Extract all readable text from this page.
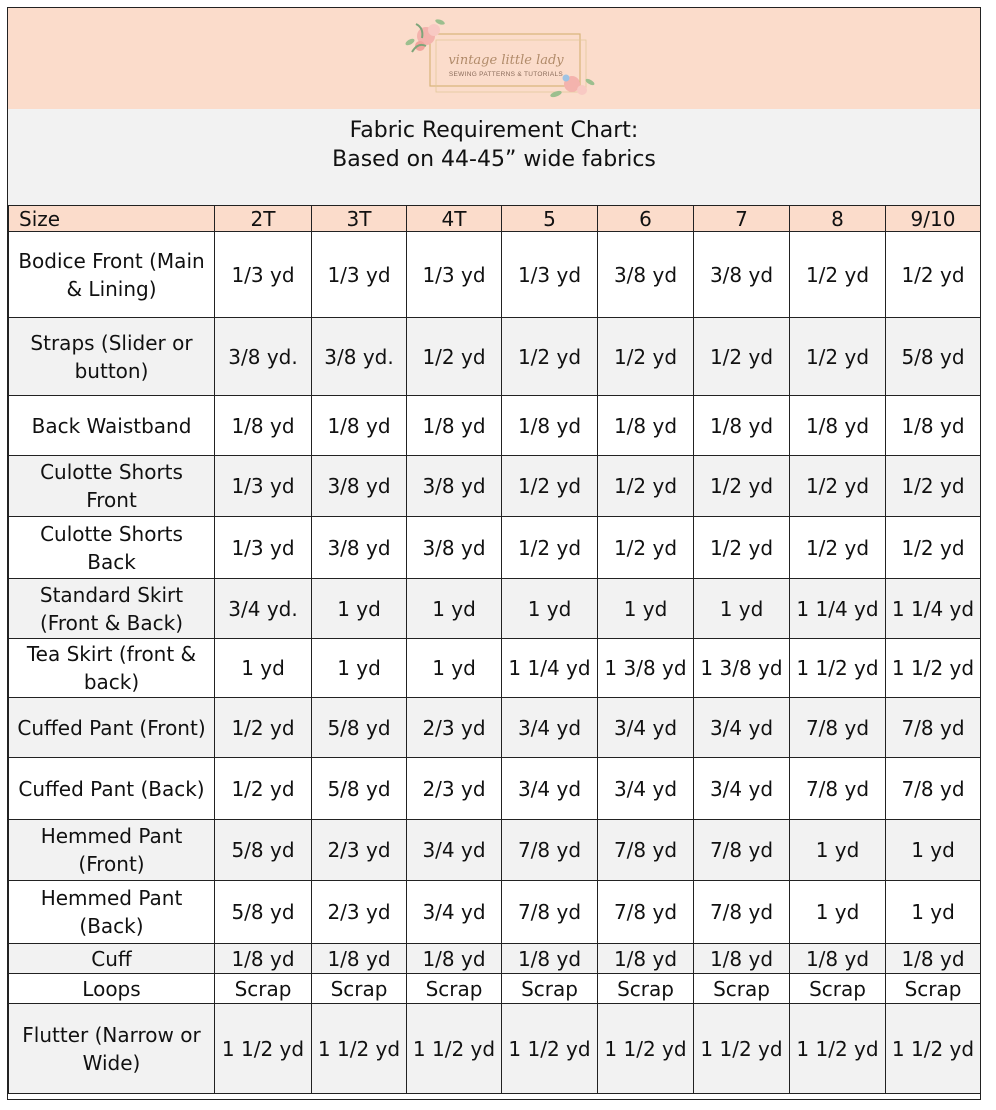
vintage little lady
SEWING PATTERNS & TUTORIALS
Fabric Requirement Chart:
Based on 44-45” wide fabrics
Size	2T	3T	4T	5	6	7	8	9/10
Bodice Front (Main & Lining)	1/3 yd	1/3 yd	1/3 yd	1/3 yd	3/8 yd	3/8 yd	1/2 yd	1/2 yd
Straps (Slider or button)	3/8 yd.	3/8 yd.	1/2 yd	1/2 yd	1/2 yd	1/2 yd	1/2 yd	5/8 yd
Back Waistband	1/8 yd	1/8 yd	1/8 yd	1/8 yd	1/8 yd	1/8 yd	1/8 yd	1/8 yd
Culotte Shorts Front	1/3 yd	3/8 yd	3/8 yd	1/2 yd	1/2 yd	1/2 yd	1/2 yd	1/2 yd
Culotte Shorts Back	1/3 yd	3/8 yd	3/8 yd	1/2 yd	1/2 yd	1/2 yd	1/2 yd	1/2 yd
Standard Skirt (Front & Back)	3/4 yd.	1 yd	1 yd	1 yd	1 yd	1 yd	1 1/4 yd	1 1/4 yd
Tea Skirt (front & back)	1 yd	1 yd	1 yd	1 1/4 yd	1 3/8 yd	1 3/8 yd	1 1/2 yd	1 1/2 yd
Cuffed Pant (Front)	1/2 yd	5/8 yd	2/3 yd	3/4 yd	3/4 yd	3/4 yd	7/8 yd	7/8 yd
Cuffed Pant (Back)	1/2 yd	5/8 yd	2/3 yd	3/4 yd	3/4 yd	3/4 yd	7/8 yd	7/8 yd
Hemmed Pant (Front)	5/8 yd	2/3 yd	3/4 yd	7/8 yd	7/8 yd	7/8 yd	1 yd	1 yd
Hemmed Pant (Back)	5/8 yd	2/3 yd	3/4 yd	7/8 yd	7/8 yd	7/8 yd	1 yd	1 yd
Cuff	1/8 yd	1/8 yd	1/8 yd	1/8 yd	1/8 yd	1/8 yd	1/8 yd	1/8 yd
Loops	Scrap	Scrap	Scrap	Scrap	Scrap	Scrap	Scrap	Scrap
Flutter (Narrow or Wide)	1 1/2 yd	1 1/2 yd	1 1/2 yd	1 1/2 yd	1 1/2 yd	1 1/2 yd	1 1/2 yd	1 1/2 yd
